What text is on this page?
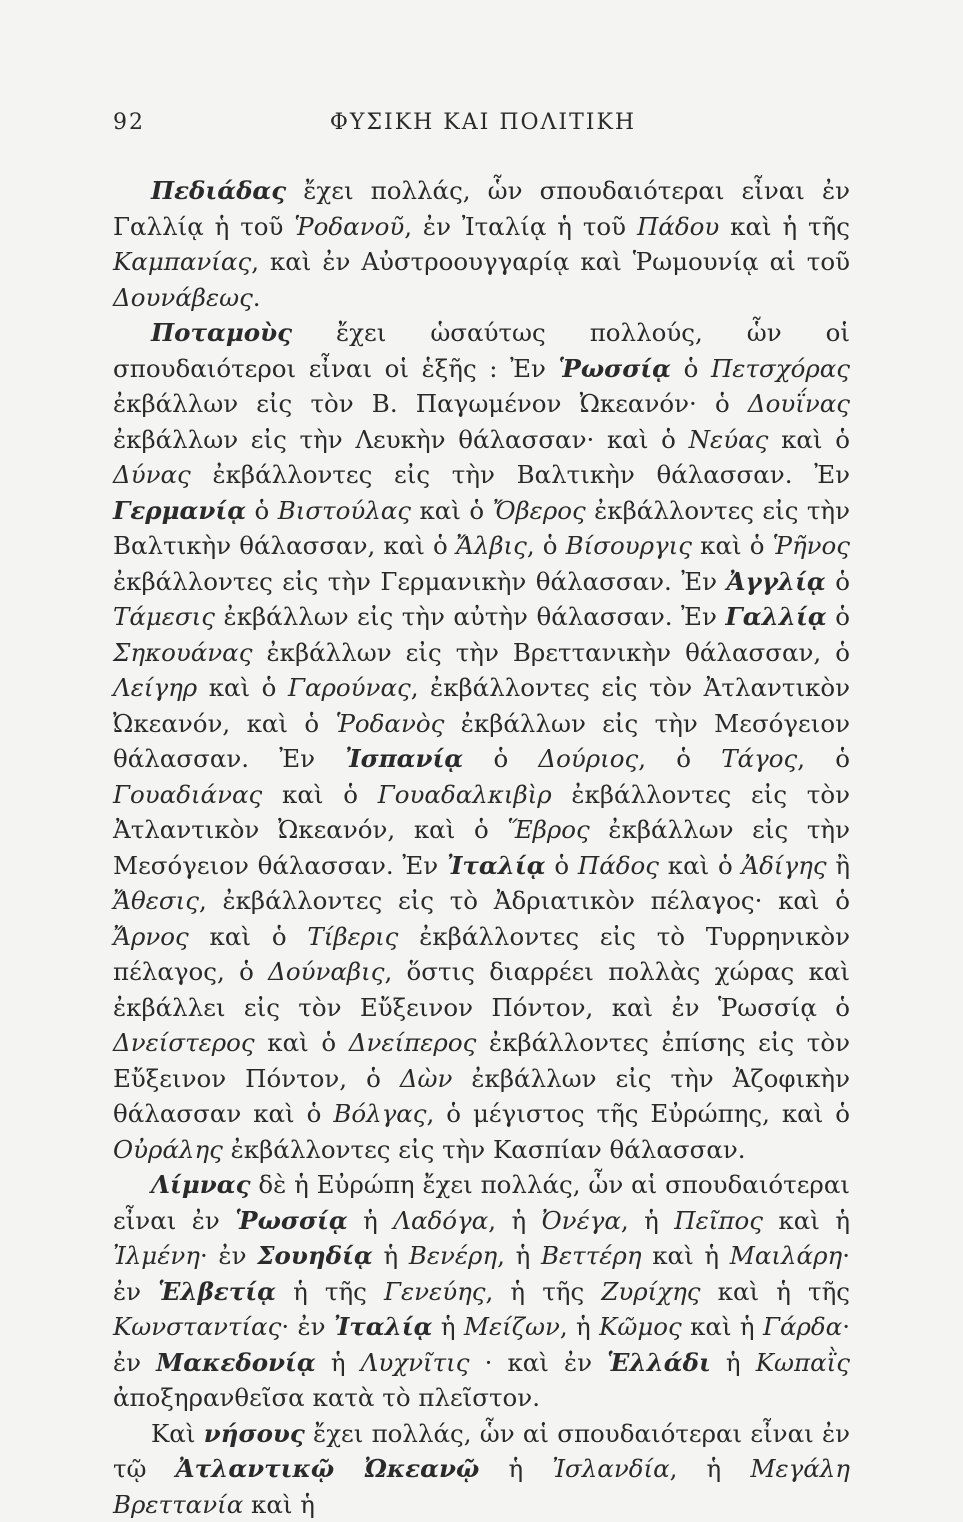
92	ΦΥΣΙΚΗ ΚΑΙ ΠΟΛΙΤΙΚΗ

Πεδιάδας ἔχει πολλάς, ὧν σπουδαιότεραι εἶναι ἐν Γαλλίᾳ ἡ τοῦ Ῥοδανοῦ, ἐν Ἰταλίᾳ ἡ τοῦ Πάδου καὶ ἡ τῆς Καμπανίας, καὶ ἐν Αὐστροουγγαρίᾳ καὶ Ῥωμουνίᾳ αἱ τοῦ Δουνάβεως.

Ποταμοὺς ἔχει ὡσαύτως πολλούς, ὧν οἱ σπουδαιότεροι εἶναι οἱ ἑξῆς : Ἐν Ῥωσσίᾳ ὁ Πετσχόρας ἐκβάλλων εἰς τὸν Β. Παγωμένον Ὠκεανόν· ὁ Δουΐνας ἐκβάλλων εἰς τὴν Λευκὴν θάλασσαν· καὶ ὁ Νεύας καὶ ὁ Δύνας ἐκβάλλοντες εἰς τὴν Βαλτικὴν θάλασσαν. Ἐν Γερμανίᾳ ὁ Βιστούλας καὶ ὁ Ὄβερος ἐκβάλλοντες εἰς τὴν Βαλτικὴν θάλασσαν, καὶ ὁ Ἄλβις, ὁ Βίσουργις καὶ ὁ Ῥῆνος ἐκβάλλοντες εἰς τὴν Γερμανικὴν θάλασσαν. Ἐν Ἀγγλίᾳ ὁ Τάμεσις ἐκβάλλων εἰς τὴν αὐτὴν θάλασσαν. Ἐν Γαλλίᾳ ὁ Σηκουάνας ἐκβάλλων εἰς τὴν Βρεττανικὴν θάλασσαν, ὁ Λείγηρ καὶ ὁ Γαρούνας, ἐκβάλλοντες εἰς τὸν Ἀτλαντικὸν Ὠκεανόν, καὶ ὁ Ῥοδανὸς ἐκβάλλων εἰς τὴν Μεσόγειον θάλασσαν. Ἐν Ἰσπανίᾳ ὁ Δούριος, ὁ Τάγος, ὁ Γουαδιάνας καὶ ὁ Γουαδαλκιβὶρ ἐκβάλλοντες εἰς τὸν Ἀτλαντικὸν Ὠκεανόν, καὶ ὁ Ἕβρος ἐκβάλλων εἰς τὴν Μεσόγειον θάλασσαν. Ἐν Ἰταλίᾳ ὁ Πάδος καὶ ὁ Ἀδίγης ἢ Ἄθεσις, ἐκβάλλοντες εἰς τὸ Ἀδριατικὸν πέλαγος· καὶ ὁ Ἄρνος καὶ ὁ Τίβερις ἐκβάλλοντες εἰς τὸ Τυρρηνικὸν πέλαγος, ὁ Δούναβις, ὅστις διαρρέει πολλὰς χώρας καὶ ἐκβάλλει εἰς τὸν Εὔξεινον Πόντον, καὶ ἐν Ῥωσσίᾳ ὁ Δνείστερος καὶ ὁ Δνείπερος ἐκβάλλοντες ἐπίσης εἰς τὸν Εὔξεινον Πόντον, ὁ Δὼν ἐκβάλλων εἰς τὴν Ἀζοφικὴν θάλασσαν καὶ ὁ Βόλγας, ὁ μέγιστος τῆς Εὐρώπης, καὶ ὁ Οὐράλης ἐκβάλλοντες εἰς τὴν Κασπίαν θάλασσαν.

Λίμνας δὲ ἡ Εὐρώπη ἔχει πολλάς, ὧν αἱ σπουδαιότεραι εἶναι ἐν Ῥωσσίᾳ ἡ Λαδόγα, ἡ Ὀνέγα, ἡ Πεῖπος καὶ ἡ Ἰλμένη· ἐν Σουηδίᾳ ἡ Βενέρη, ἡ Βεττέρη καὶ ἡ Μαιλάρη· ἐν Ἑλβετίᾳ ἡ τῆς Γενεύης, ἡ τῆς Ζυρίχης καὶ ἡ τῆς Κωνσταντίας· ἐν Ἰταλίᾳ ἡ Μείζων, ἡ Κῶμος καὶ ἡ Γάρδα· ἐν Μακεδονίᾳ ἡ Λυχνῖτις · καὶ ἐν Ἑλλάδι ἡ Κωπαῒς ἀποξηρανθεῖσα κατὰ τὸ πλεῖστον.

Καὶ νήσους ἔχει πολλάς, ὧν αἱ σπουδαιότεραι εἶναι ἐν τῷ Ἀτλαντικῷ Ὠκεανῷ ἡ Ἰσλανδία, ἡ Μεγάλη Βρεττανία καὶ ἡ
